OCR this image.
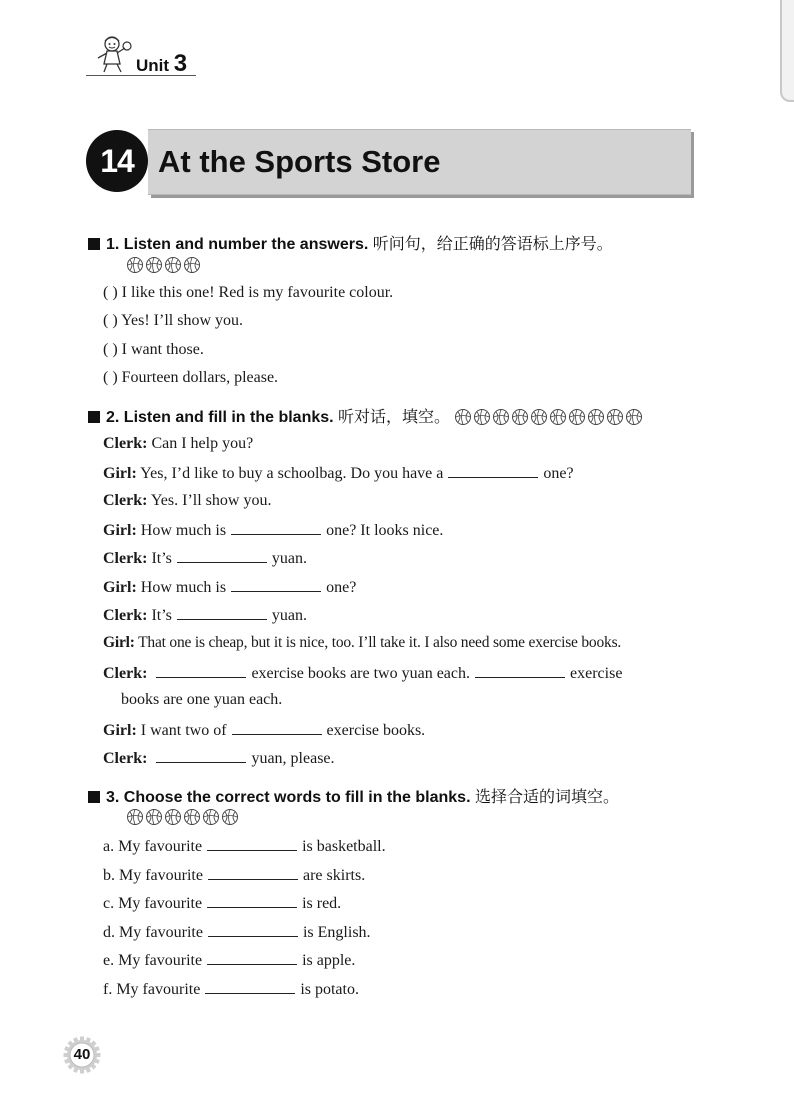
Unit 3
At the Sports Store
14
1. Listen and number the answers. 听问句，给正确的答语标上序号。
( ) I like this one! Red is my favourite colour.
( ) Yes! I’ll show you.
( ) I want those.
( ) Fourteen dollars, please.
2. Listen and fill in the blanks. 听对话，填空。
Clerk: Can I help you?
Girl: Yes, I’d like to buy a schoolbag. Do you have a	one?
Clerk: Yes. I’ll show you.
Girl: How much is	one? It looks nice.
Clerk: It’s	yuan.
Girl: How much is	one?
Clerk: It’s	yuan.
Girl: That one is cheap, but it is nice, too. I’ll take it. I also need some exercise books.
Clerk:	exercise books are two yuan each.	exercise
books are one yuan each.
Girl: I want two of	exercise books.
Clerk:	yuan, please.
3. Choose the correct words to fill in the blanks. 选择合适的词填空。
a. My favourite	is basketball.
b. My favourite	are skirts.
c. My favourite	is red.
d. My favourite	is English.
e. My favourite	is apple.
f. My favourite	is potato.
40
